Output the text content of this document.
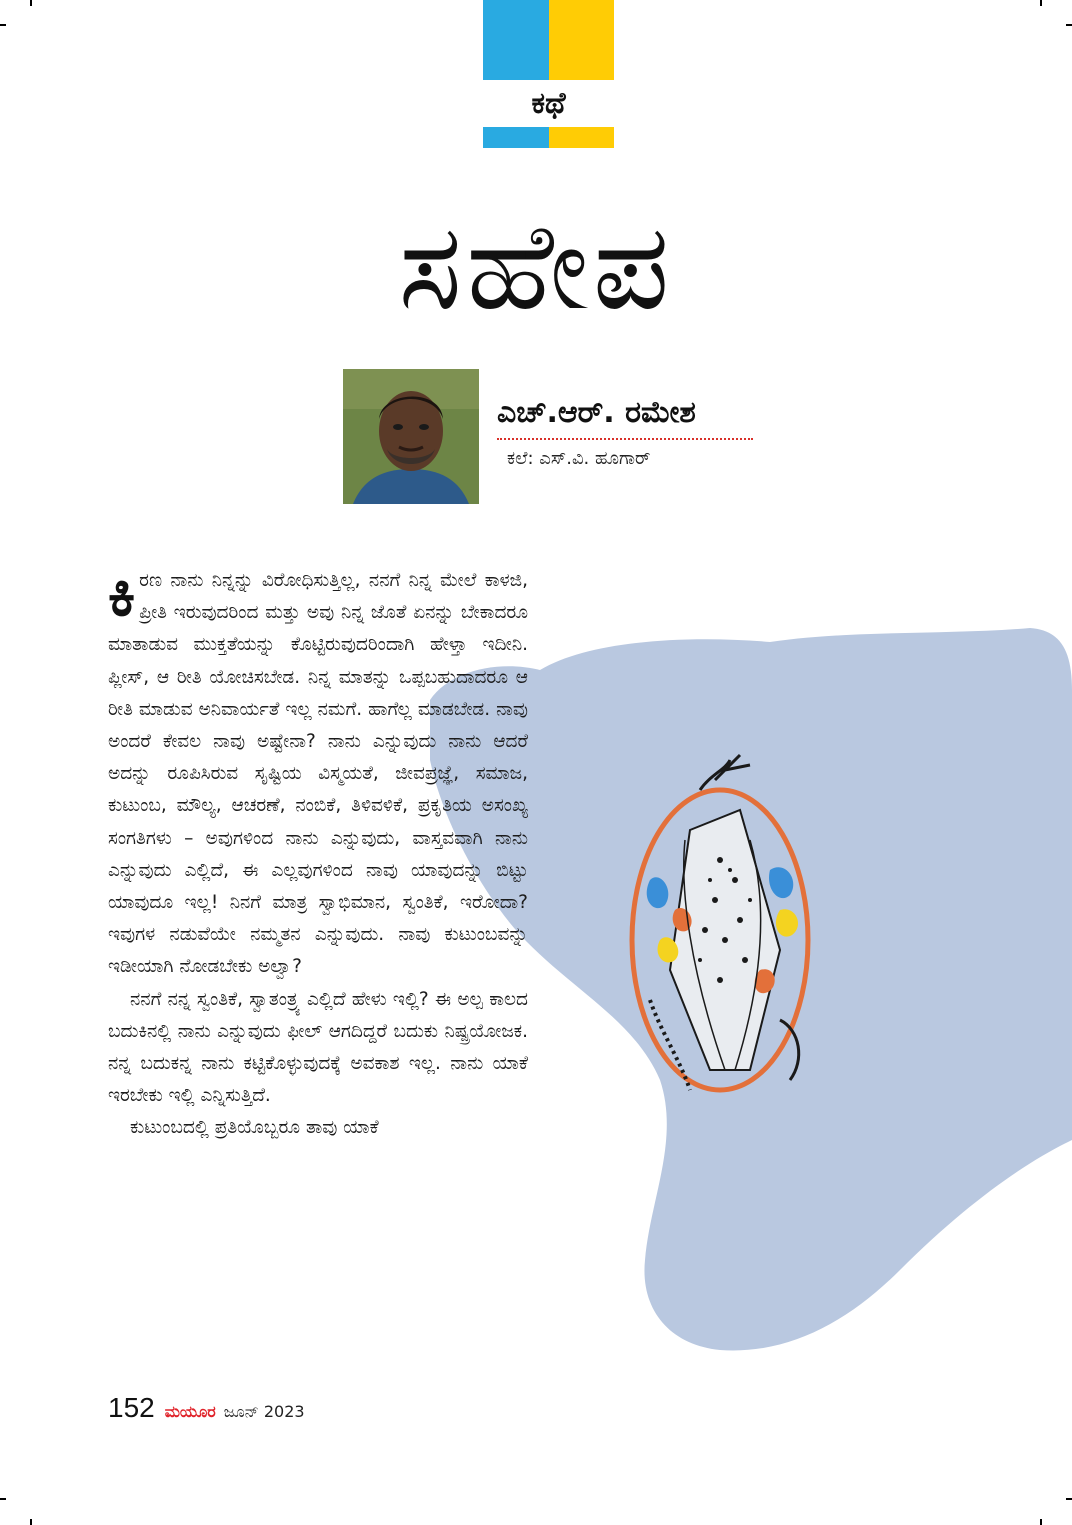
ಕಥೆ
ಸಹೇಪ
ಎಚ್.ಆರ್. ರಮೇಶ
ಕಲೆ: ಎಸ್.ವಿ. ಹೂಗಾರ್

ಕಿರಣ ನಾನು ನಿನ್ನನ್ನು ವಿರೋಧಿಸುತ್ತಿಲ್ಲ, ನನಗೆ ನಿನ್ನ ಮೇಲೆ ಕಾಳಜಿ, ಪ್ರೀತಿ ಇರುವುದರಿಂದ ಮತ್ತು ಅವು ನಿನ್ನ ಜೊತೆ ಏನನ್ನು ಬೇಕಾದರೂ ಮಾತಾಡುವ ಮುಕ್ತತೆಯನ್ನು ಕೊಟ್ಟಿರುವುದರಿಂದಾಗಿ ಹೇಳ್ತಾ ಇದೀನಿ. ಪ್ಲೀಸ್, ಆ ರೀತಿ ಯೋಚಿಸಬೇಡ. ನಿನ್ನ ಮಾತನ್ನು ಒಪ್ಪಬಹುದಾದರೂ ಆ ರೀತಿ ಮಾಡುವ ಅನಿವಾರ್ಯತೆ ಇಲ್ಲ ನಮಗೆ. ಹಾಗೆಲ್ಲ ಮಾಡಬೇಡ. ನಾವು ಅಂದರೆ ಕೇವಲ ನಾವು ಅಷ್ಟೇನಾ? ನಾನು ಎನ್ನುವುದು ನಾನು ಆದರೆ ಅದನ್ನು ರೂಪಿಸಿರುವ ಸೃಷ್ಟಿಯ ವಿಸ್ಮಯತೆ, ಜೀವಪ್ರಜ್ಞೆ, ಸಮಾಜ, ಕುಟುಂಬ, ಮೌಲ್ಯ, ಆಚರಣೆ, ನಂಬಿಕೆ, ತಿಳಿವಳಿಕೆ, ಪ್ರಕೃತಿಯ ಅಸಂಖ್ಯ ಸಂಗತಿಗಳು – ಅವುಗಳಿಂದ ನಾನು ಎನ್ನುವುದು, ವಾಸ್ತವವಾಗಿ ನಾನು ಎನ್ನುವುದು ಎಲ್ಲಿದೆ, ಈ ಎಲ್ಲವುಗಳಿಂದ ನಾವು ಯಾವುದನ್ನು ಬಿಟ್ಟು ಯಾವುದೂ ಇಲ್ಲ! ನಿನಗೆ ಮಾತ್ರ ಸ್ವಾಭಿಮಾನ, ಸ್ವಂತಿಕೆ, ಇರೋದಾ? ಇವುಗಳ ನಡುವೆಯೇ ನಮ್ಮತನ ಎನ್ನುವುದು. ನಾವು ಕುಟುಂಬವನ್ನು ಇಡೀಯಾಗಿ ನೋಡಬೇಕು ಅಲ್ವಾ?

ನನಗೆ ನನ್ನ ಸ್ವಂತಿಕೆ, ಸ್ವಾತಂತ್ರ್ಯ ಎಲ್ಲಿದೆ ಹೇಳು ಇಲ್ಲಿ? ಈ ಅಲ್ಪ ಕಾಲದ ಬದುಕಿನಲ್ಲಿ ನಾನು ಎನ್ನುವುದು ಫೀಲ್ ಆಗದಿದ್ದರೆ ಬದುಕು ನಿಷ್ಪ್ರಯೋಜಕ. ನನ್ನ ಬದುಕನ್ನ ನಾನು ಕಟ್ಟಿಕೊಳ್ಳುವುದಕ್ಕೆ ಅವಕಾಶ ಇಲ್ಲ. ನಾನು ಯಾಕೆ ಇರಬೇಕು ಇಲ್ಲಿ ಎನ್ನಿಸುತ್ತಿದೆ.

ಕುಟುಂಬದಲ್ಲಿ ಪ್ರತಿಯೊಬ್ಬರೂ ತಾವು ಯಾಕೆ

152 ಮಯೂರ ಜೂನ್ 2023
